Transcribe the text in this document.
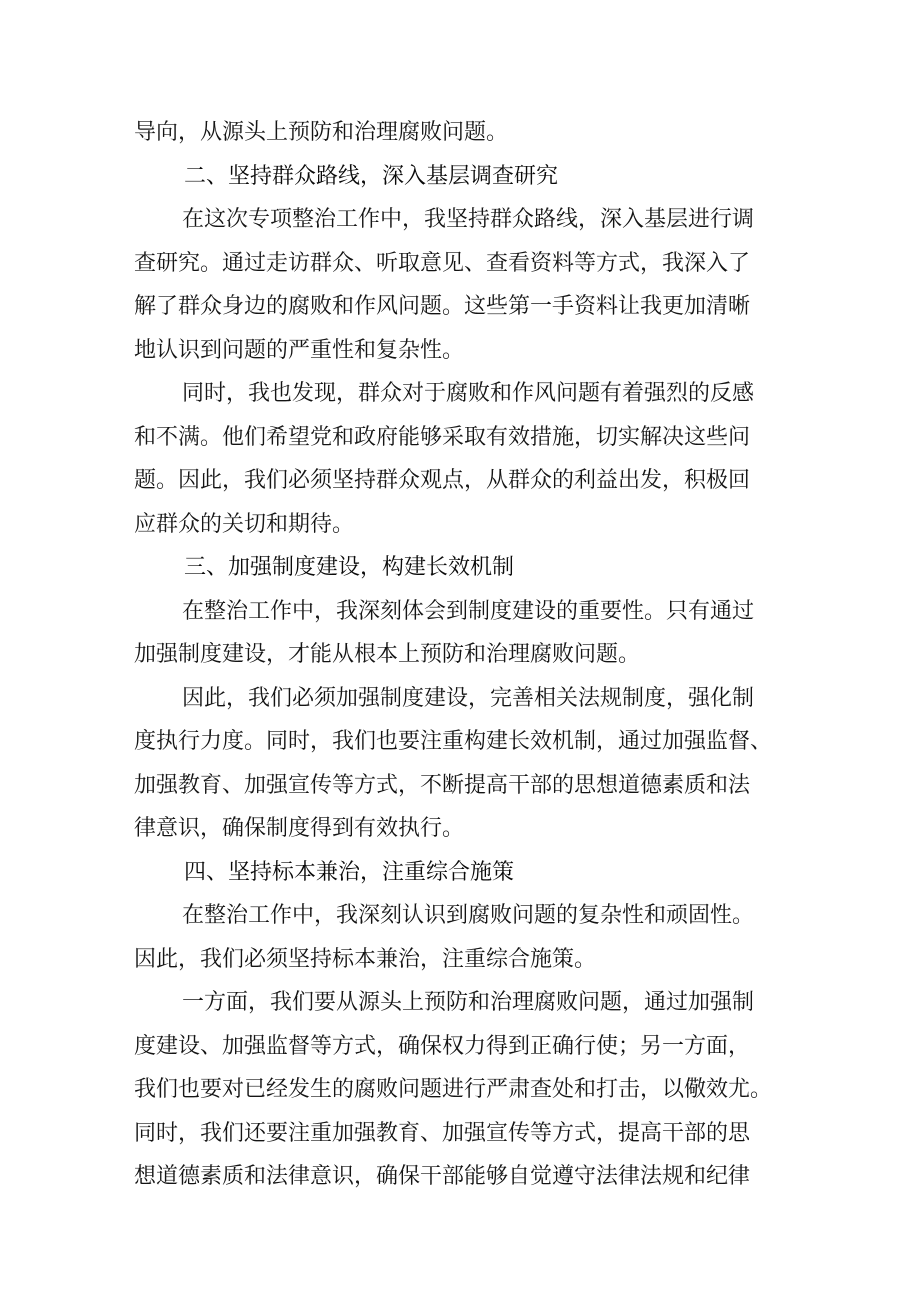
导向，从源头上预防和治理腐败问题。
二、坚持群众路线，深入基层调查研究
在这次专项整治工作中，我坚持群众路线，深入基层进行调
查研究。通过走访群众、听取意见、查看资料等方式，我深入了
解了群众身边的腐败和作风问题。这些第一手资料让我更加清晰
地认识到问题的严重性和复杂性。
同时，我也发现，群众对于腐败和作风问题有着强烈的反感
和不满。他们希望党和政府能够采取有效措施，切实解决这些问
题。因此，我们必须坚持群众观点，从群众的利益出发，积极回
应群众的关切和期待。
三、加强制度建设，构建长效机制
在整治工作中，我深刻体会到制度建设的重要性。只有通过
加强制度建设，才能从根本上预防和治理腐败问题。
因此，我们必须加强制度建设，完善相关法规制度，强化制
度执行力度。同时，我们也要注重构建长效机制，通过加强监督、
加强教育、加强宣传等方式，不断提高干部的思想道德素质和法
律意识，确保制度得到有效执行。
四、坚持标本兼治，注重综合施策
在整治工作中，我深刻认识到腐败问题的复杂性和顽固性。
因此，我们必须坚持标本兼治，注重综合施策。
一方面，我们要从源头上预防和治理腐败问题，通过加强制
度建设、加强监督等方式，确保权力得到正确行使；另一方面，
我们也要对已经发生的腐败问题进行严肃查处和打击，以儆效尤。
同时，我们还要注重加强教育、加强宣传等方式，提高干部的思
想道德素质和法律意识，确保干部能够自觉遵守法律法规和纪律
